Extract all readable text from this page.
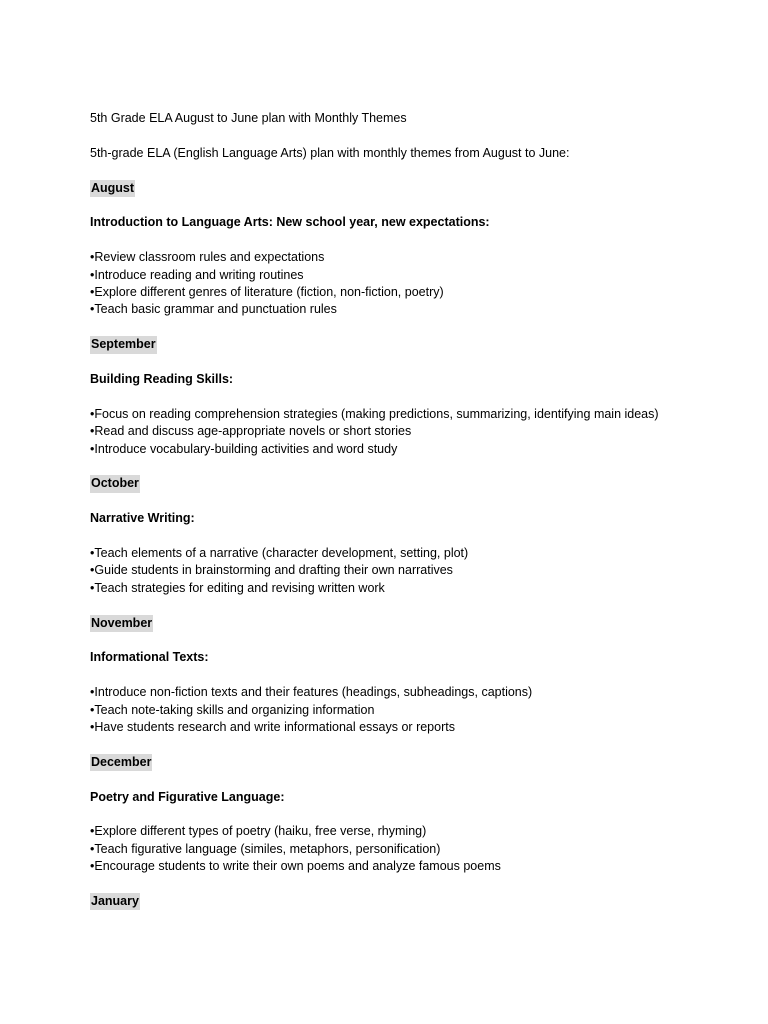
5th Grade ELA August to June plan with Monthly Themes
5th-grade ELA (English Language Arts) plan with monthly themes from August to June:
August
Introduction to Language Arts: New school year, new expectations:
•Review classroom rules and expectations
•Introduce reading and writing routines
•Explore different genres of literature (fiction, non-fiction, poetry)
•Teach basic grammar and punctuation rules
September
Building Reading Skills:
•Focus on reading comprehension strategies (making predictions, summarizing, identifying main ideas)
•Read and discuss age-appropriate novels or short stories
•Introduce vocabulary-building activities and word study
October
Narrative Writing:
•Teach elements of a narrative (character development, setting, plot)
•Guide students in brainstorming and drafting their own narratives
•Teach strategies for editing and revising written work
November
Informational Texts:
•Introduce non-fiction texts and their features (headings, subheadings, captions)
•Teach note-taking skills and organizing information
•Have students research and write informational essays or reports
December
Poetry and Figurative Language:
•Explore different types of poetry (haiku, free verse, rhyming)
•Teach figurative language (similes, metaphors, personification)
•Encourage students to write their own poems and analyze famous poems
January
